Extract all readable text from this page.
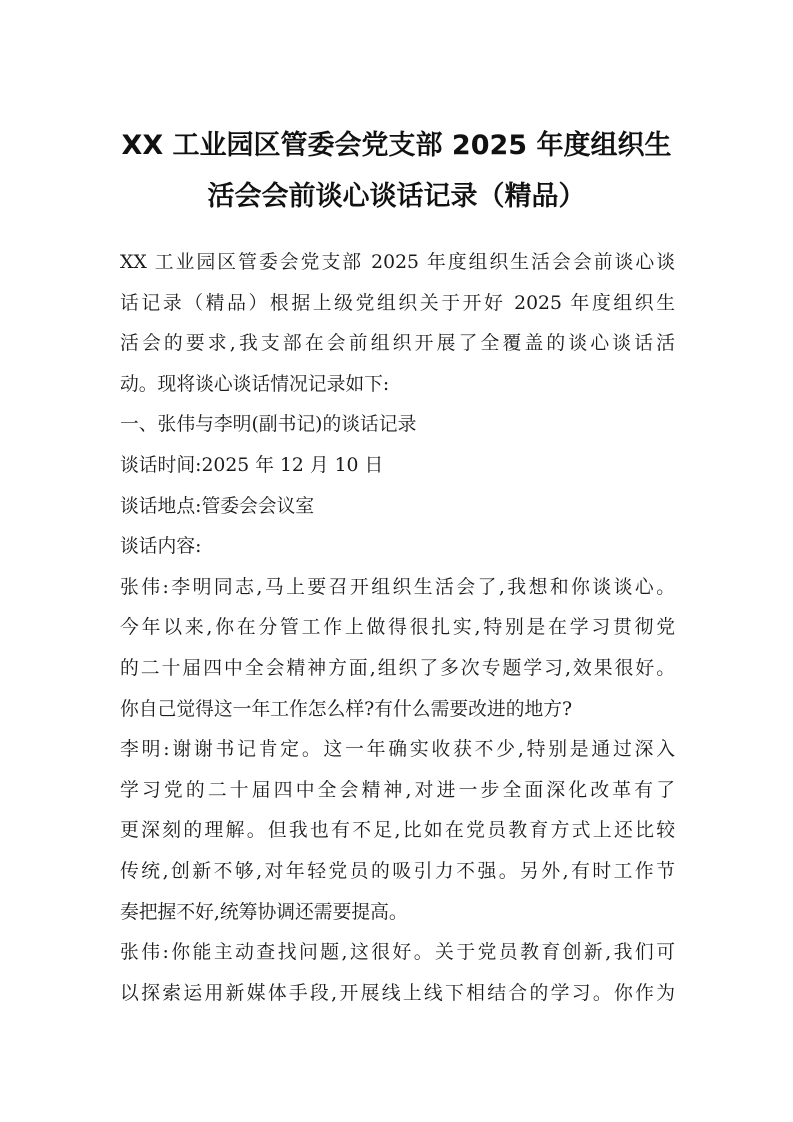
XX 工业园区管委会党支部 2025 年度组织生
活会会前谈心谈话记录（精品）

XX 工业园区管委会党支部 2025 年度组织生活会会前谈心谈
话记录（精品）根据上级党组织关于开好 2025 年度组织生
活会的要求,我支部在会前组织开展了全覆盖的谈心谈话活
动。现将谈心谈话情况记录如下:

一、张伟与李明(副书记)的谈话记录

谈话时间:2025 年 12 月 10 日

谈话地点:管委会会议室

谈话内容:

张伟:李明同志,马上要召开组织生活会了,我想和你谈谈心。
今年以来,你在分管工作上做得很扎实,特别是在学习贯彻党
的二十届四中全会精神方面,组织了多次专题学习,效果很好。
你自己觉得这一年工作怎么样?有什么需要改进的地方?

李明:谢谢书记肯定。这一年确实收获不少,特别是通过深入
学习党的二十届四中全会精神,对进一步全面深化改革有了
更深刻的理解。但我也有不足,比如在党员教育方式上还比较
传统,创新不够,对年轻党员的吸引力不强。另外,有时工作节
奏把握不好,统筹协调还需要提高。

张伟:你能主动查找问题,这很好。关于党员教育创新,我们可
以探索运用新媒体手段,开展线上线下相结合的学习。你作为
